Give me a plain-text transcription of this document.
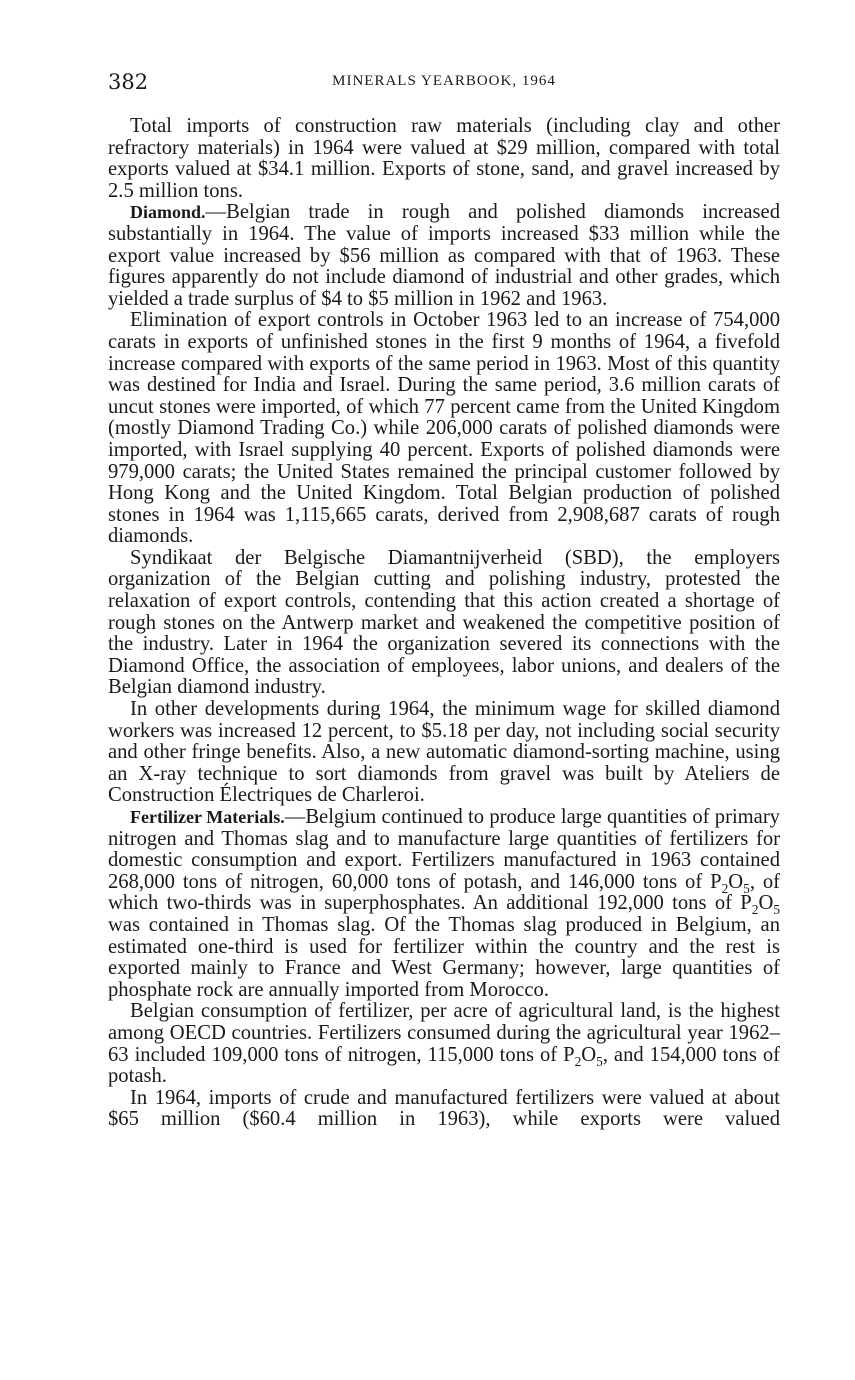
382	MINERALS YEARBOOK, 1964

Total imports of construction raw materials (including clay and other refractory materials) in 1964 were valued at $29 million, compared with total exports valued at $34.1 million. Exports of stone, sand, and gravel increased by 2.5 million tons.

Diamond.—Belgian trade in rough and polished diamonds increased substantially in 1964. The value of imports increased $33 million while the export value increased by $56 million as compared with that of 1963. These figures apparently do not include diamond of industrial and other grades, which yielded a trade surplus of $4 to $5 million in 1962 and 1963.

Elimination of export controls in October 1963 led to an increase of 754,000 carats in exports of unfinished stones in the first 9 months of 1964, a fivefold increase compared with exports of the same period in 1963. Most of this quantity was destined for India and Israel. During the same period, 3.6 million carats of uncut stones were imported, of which 77 percent came from the United Kingdom (mostly Diamond Trading Co.) while 206,000 carats of polished diamonds were imported, with Israel supplying 40 percent. Exports of polished diamonds were 979,000 carats; the United States remained the principal customer followed by Hong Kong and the United Kingdom. Total Belgian production of polished stones in 1964 was 1,115,665 carats, derived from 2,908,687 carats of rough diamonds.

Syndikaat der Belgische Diamantnijverheid (SBD), the employers organization of the Belgian cutting and polishing industry, protested the relaxation of export controls, contending that this action created a shortage of rough stones on the Antwerp market and weakened the competitive position of the industry. Later in 1964 the organization severed its connections with the Diamond Office, the association of employees, labor unions, and dealers of the Belgian diamond industry.

In other developments during 1964, the minimum wage for skilled diamond workers was increased 12 percent, to $5.18 per day, not including social security and other fringe benefits. Also, a new automatic diamond-sorting machine, using an X-ray technique to sort diamonds from gravel was built by Ateliers de Construction Électriques de Charleroi.

Fertilizer Materials.—Belgium continued to produce large quantities of primary nitrogen and Thomas slag and to manufacture large quantities of fertilizers for domestic consumption and export. Fertilizers manufactured in 1963 contained 268,000 tons of nitrogen, 60,000 tons of potash, and 146,000 tons of $P_2O_5$, of which two-thirds was in superphosphates. An additional 192,000 tons of $P_2O_5$ was contained in Thomas slag. Of the Thomas slag produced in Belgium, an estimated one-third is used for fertilizer within the country and the rest is exported mainly to France and West Germany; however, large quantities of phosphate rock are annually imported from Morocco.

Belgian consumption of fertilizer, per acre of agricultural land, is the highest among OECD countries. Fertilizers consumed during the agricultural year 1962–63 included 109,000 tons of nitrogen, 115,000 tons of $P_2O_5$, and 154,000 tons of potash.

In 1964, imports of crude and manufactured fertilizers were valued at about $65 million ($60.4 million in 1963), while exports were valued
